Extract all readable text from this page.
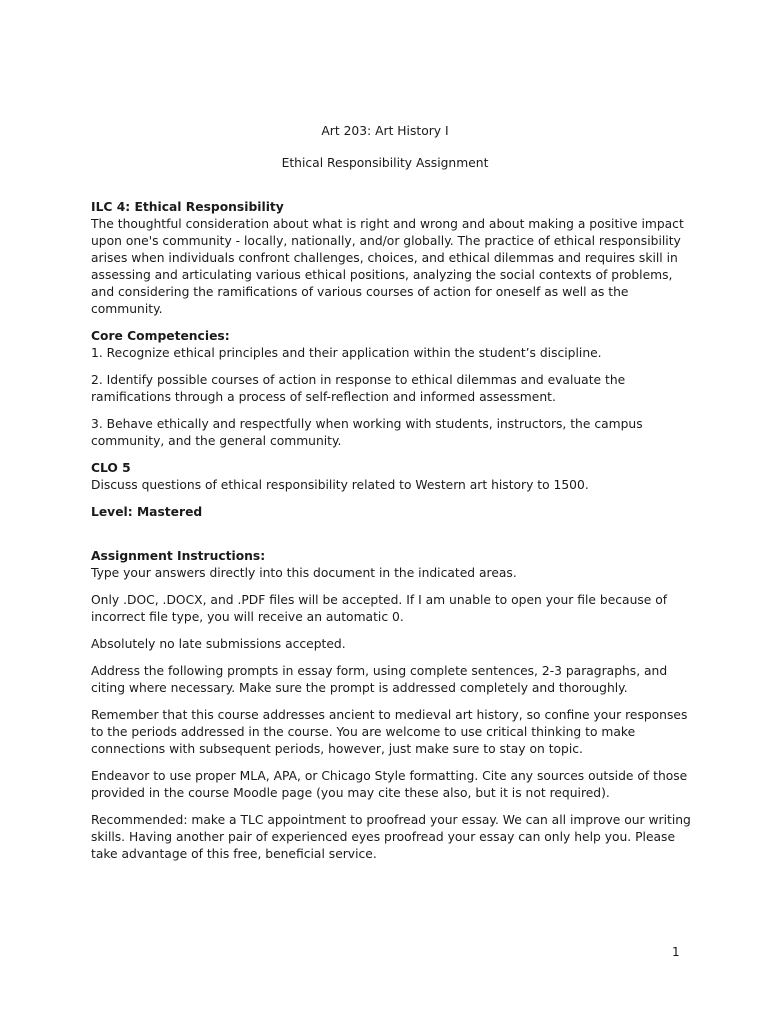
Art 203: Art History I
Ethical Responsibility Assignment

ILC 4: Ethical Responsibility

The thoughtful consideration about what is right and wrong and about making a positive impact upon one's community - locally, nationally, and/or globally. The practice of ethical responsibility arises when individuals confront challenges, choices, and ethical dilemmas and requires skill in assessing and articulating various ethical positions, analyzing the social contexts of problems, and considering the ramifications of various courses of action for oneself as well as the community.

Core Competencies:

1. Recognize ethical principles and their application within the student’s discipline.

2. Identify possible courses of action in response to ethical dilemmas and evaluate the ramifications through a process of self-reflection and informed assessment.

3. Behave ethically and respectfully when working with students, instructors, the campus community, and the general community.

CLO 5

Discuss questions of ethical responsibility related to Western art history to 1500.

Level: Mastered

Assignment Instructions:

Type your answers directly into this document in the indicated areas.

Only .DOC, .DOCX, and .PDF files will be accepted. If I am unable to open your file because of incorrect file type, you will receive an automatic 0.

Absolutely no late submissions accepted.

Address the following prompts in essay form, using complete sentences, 2-3 paragraphs, and citing where necessary. Make sure the prompt is addressed completely and thoroughly.

Remember that this course addresses ancient to medieval art history, so confine your responses to the periods addressed in the course. You are welcome to use critical thinking to make connections with subsequent periods, however, just make sure to stay on topic.

Endeavor to use proper MLA, APA, or Chicago Style formatting. Cite any sources outside of those provided in the course Moodle page (you may cite these also, but it is not required).

Recommended: make a TLC appointment to proofread your essay. We can all improve our writing skills. Having another pair of experienced eyes proofread your essay can only help you. Please take advantage of this free, beneficial service.

1
